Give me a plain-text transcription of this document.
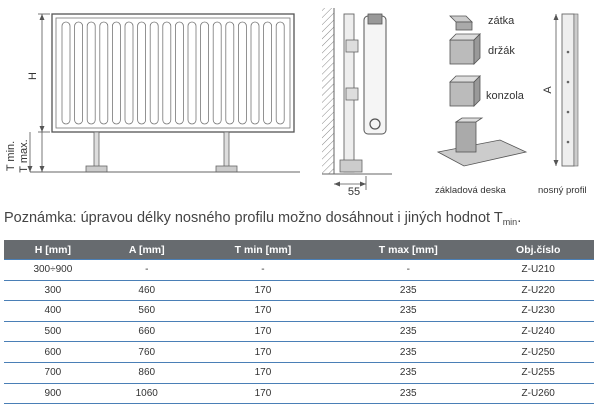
H
T min. T max.
55
zátka
držák
konzola
základová deska
A
nosný profil
Poznámka: úpravou délky nosného profilu možno dosáhnout i jiných hodnot $T_{min}$.
H [mm]	A [mm]	T min [mm]	T max [mm]	Obj.číslo
300÷900	-	-	-	Z-U210
300	460	170	235	Z-U220
400	560	170	235	Z-U230
500	660	170	235	Z-U240
600	760	170	235	Z-U250
700	860	170	235	Z-U255
900	1060	170	235	Z-U260
